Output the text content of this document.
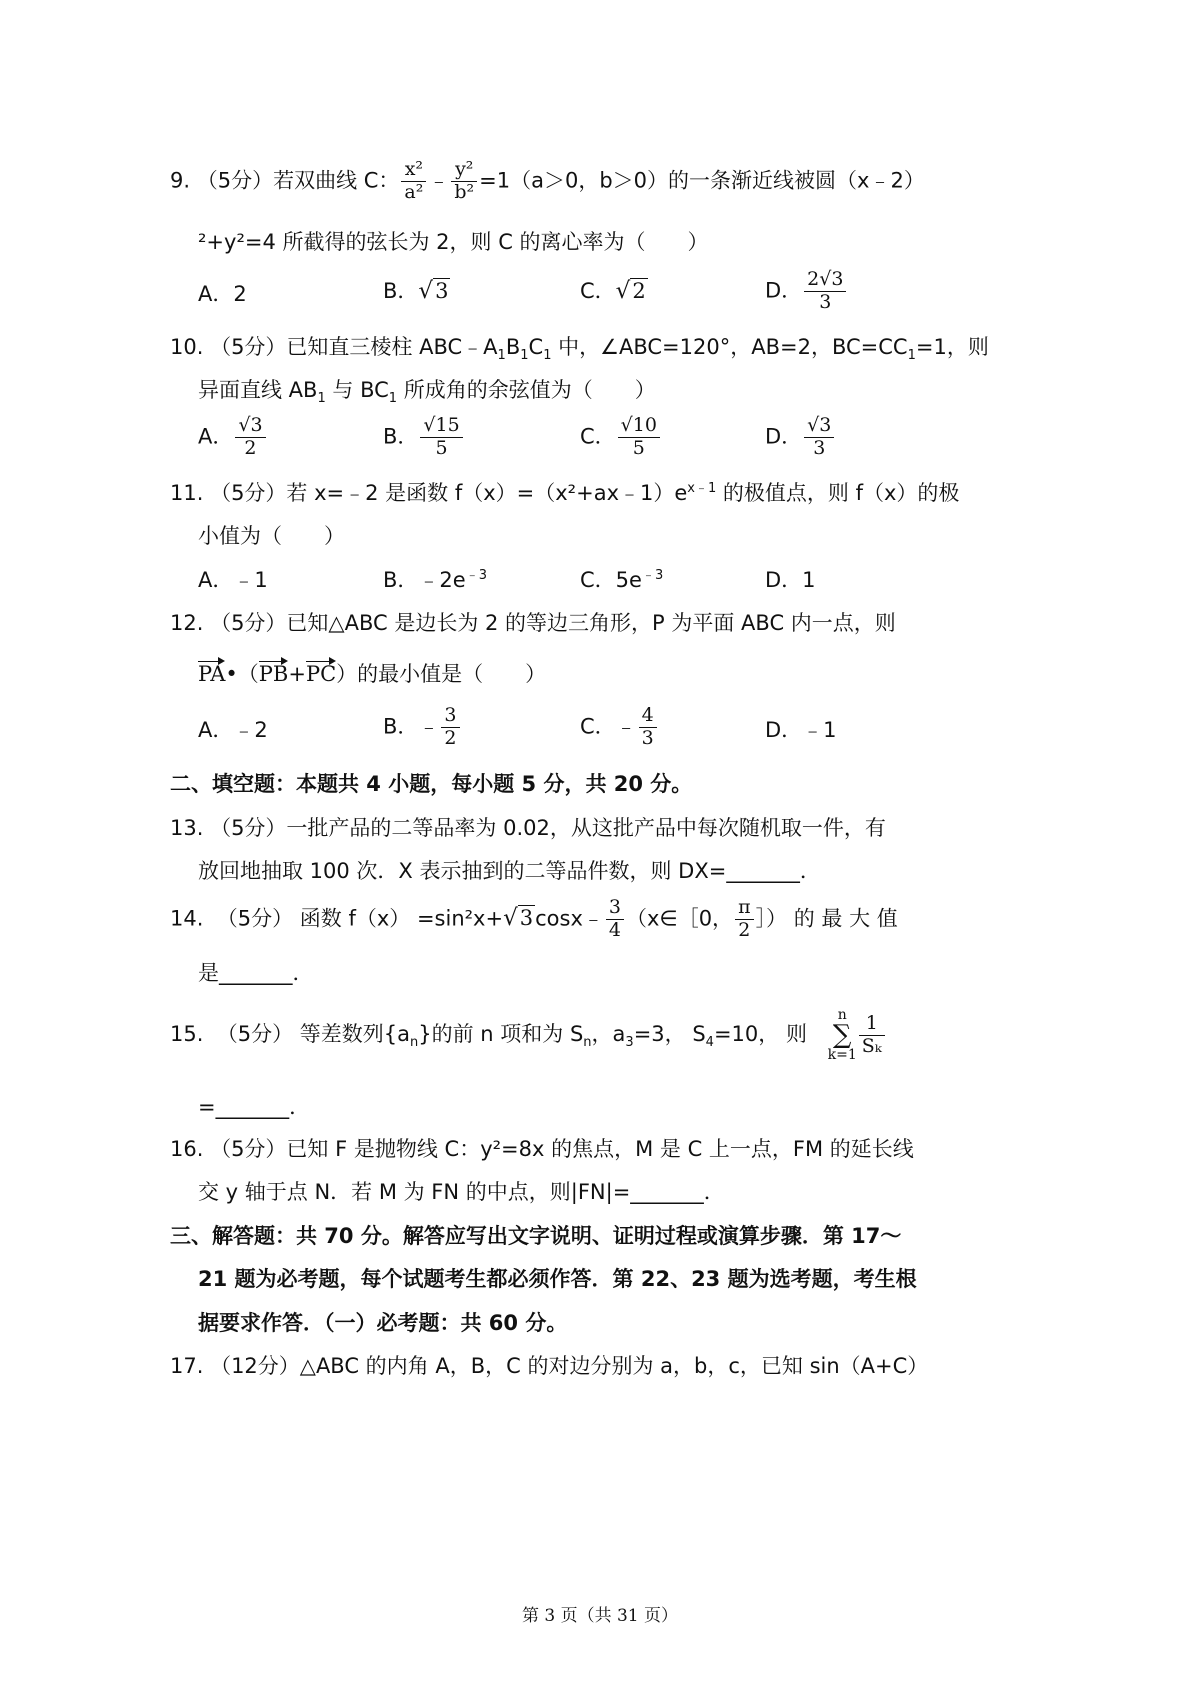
9. （5分）若双曲线 C： $\frac{\text{x²}}{\text{a²}}$ ﹣ $\frac{\text{y²}}{\text{b²}} =1(a>0$，b＞0）的一条渐近线被圆（x﹣2）
²+y²=4 所截得的弦长为 2，则 C 的离心率为（　　）
A．2	B．√3	C．√2	D． $\frac{2√3}{3}$
10. （5分）已知直三棱柱 $ABC﹣A_1B_1C_1$ 中，∠ABC=120°，AB=2，$BC=CC_1=1$，则
异面直线 $AB_1$ 与 $BC_1$ 所成角的余弦值为（　　）
A． $\frac{√3}{2}$	B． $\frac{√15}{5}$	C． $\frac{√10}{5}$	D． $\frac{√3}{3}$
11. （5分）若 x=﹣2 是函数 $f(x)=(x^2+ax﹣1)e^{x﹣1}$ 的极值点，则 f（x）的极
小值为（　　）
A．﹣1	B．$﹣2e^{﹣3}$	C．$5e^{﹣3}$	D．1
12. （5分）已知△ABC 是边长为 2 的等边三角形，P 为平面 ABC 内一点，则
PA•（PB+PC）的最小值是（　　）
A．﹣2	B．﹣ $\frac{3}{2}$	C．﹣ $\frac{4}{3}$	D．﹣1
二、填空题：本题共 4 小题，每小题 5 分，共 20 分。
13. （5分）一批产品的二等品率为 0.02，从这批产品中每次随机取一件，有
放回地抽取 100 次．X 表示抽到的二等品件数，则 DX=_______．
14.  （5分） 函数 f（x） =sin²x+√3cosx﹣ $\frac{3}{4}$ （x∈［0， $\frac{\pi}{2}$ ］） 的 最 大 值
是_______．
15.  （5分） 等差数列$\{a_n\}$的前 n 项和为 $S_n$，$a_3=3$， $S_4=10$， 则
n
∑
$k=1 \frac{1}{\text{Sₖ}}$
=_______．
16. （5分）已知 F 是抛物线 C：y²=8x 的焦点，M 是 C 上一点，FM 的延长线
交 y 轴于点 N．若 M 为 FN 的中点，则|FN|=_______．
三、解答题：共 70 分。解答应写出文字说明、证明过程或演算步骤．第 17～
21 题为必考题，每个试题考生都必须作答．第 22、23 题为选考题，考生根
据要求作答．（一）必考题：共 60 分。
17. （12分）△ABC 的内角 A，B，C 的对边分别为 a，b，c，已知 sin（A+C）
第 3 页（共 31 页）
